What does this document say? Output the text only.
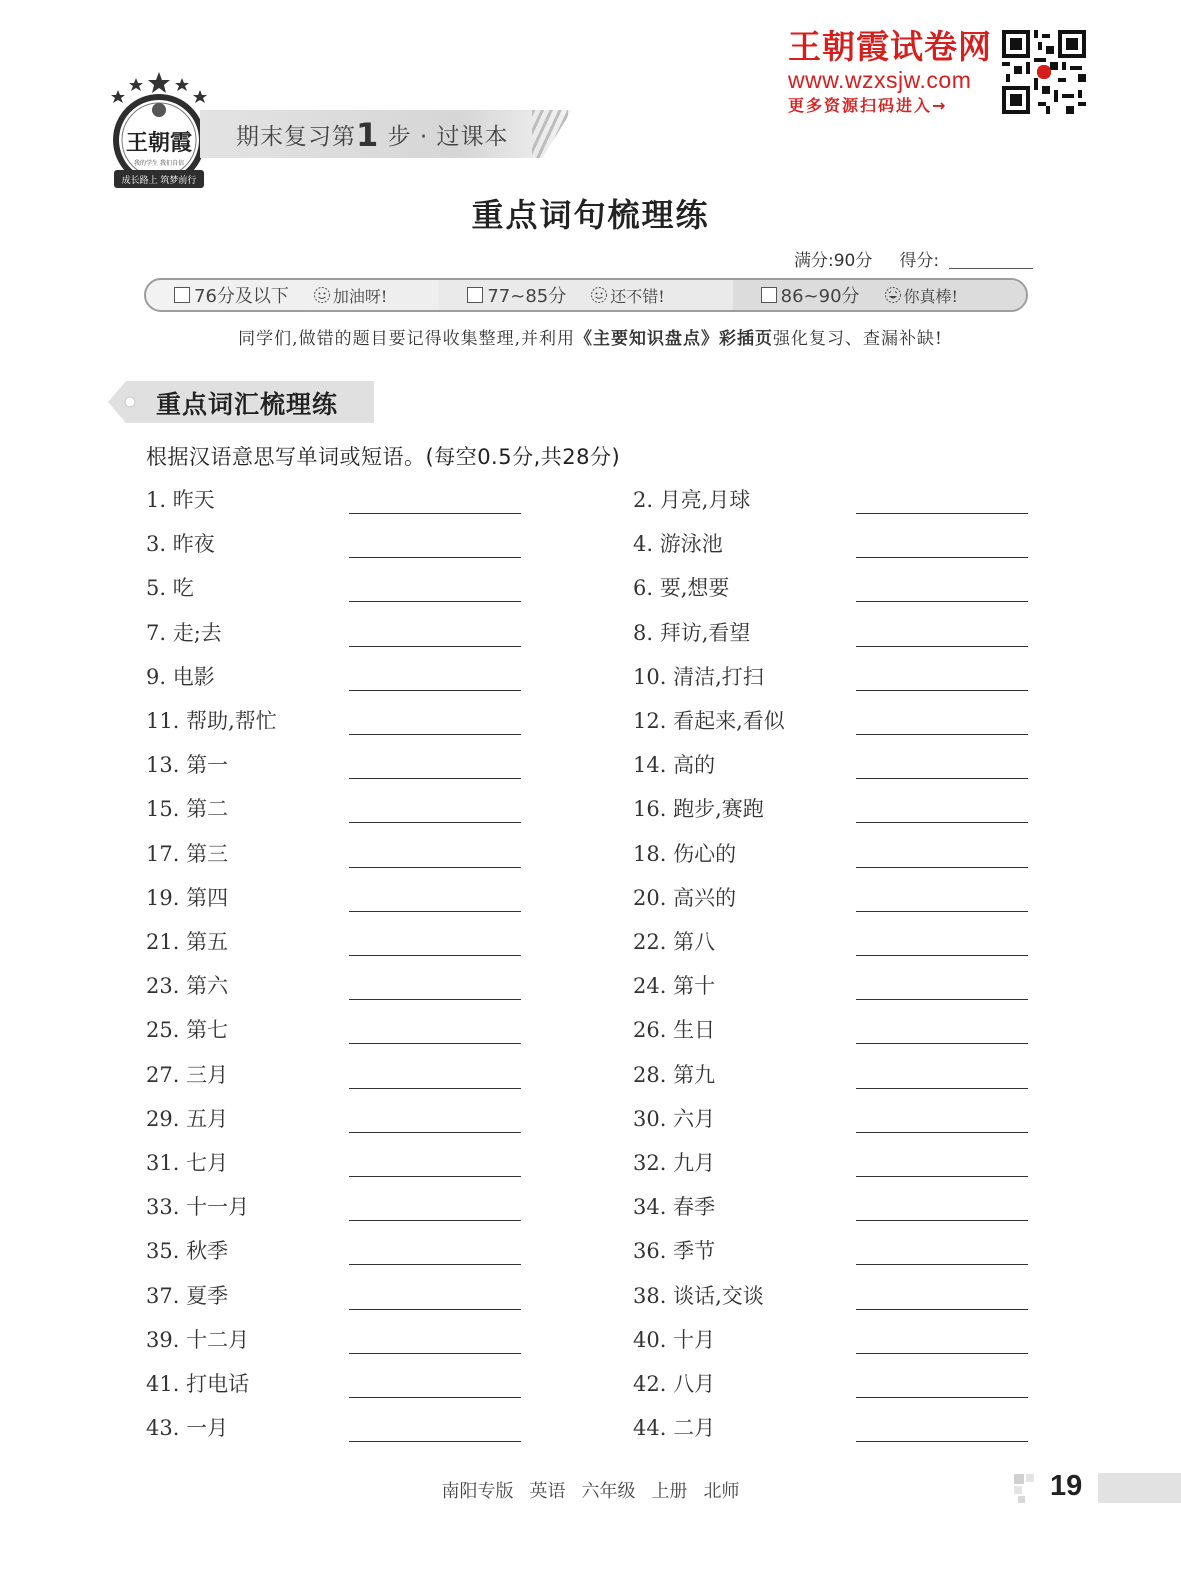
王朝霞
我的学生 我们自信
成长路上 筑梦前行
期末复习第1 步 · 过课本
王朝霞试卷网
www.wzxsjw.com
更多资源扫码进入→
重点词句梳理练
满分:90分 得分:
76分及以下	加油呀!	77~85分	还不错!	86~90分	你真棒!
同学们,做错的题目要记得收集整理,并利用《主要知识盘点》彩插页强化复习、查漏补缺!
重点词汇梳理练
根据汉语意思写单词或短语。(每空0.5分,共28分)
1. 昨天	2. 月亮,月球
3. 昨夜	4. 游泳池
5. 吃	6. 要,想要
7. 走;去	8. 拜访,看望
9. 电影	10. 清洁,打扫
11. 帮助,帮忙	12. 看起来,看似
13. 第一	14. 高的
15. 第二	16. 跑步,赛跑
17. 第三	18. 伤心的
19. 第四	20. 高兴的
21. 第五	22. 第八
23. 第六	24. 第十
25. 第七	26. 生日
27. 三月	28. 第九
29. 五月	30. 六月
31. 七月	32. 九月
33. 十一月	34. 春季
35. 秋季	36. 季节
37. 夏季	38. 谈话,交谈
39. 十二月	40. 十月
41. 打电话	42. 八月
43. 一月	44. 二月
南阳专版 英语 六年级 上册 北师	19
